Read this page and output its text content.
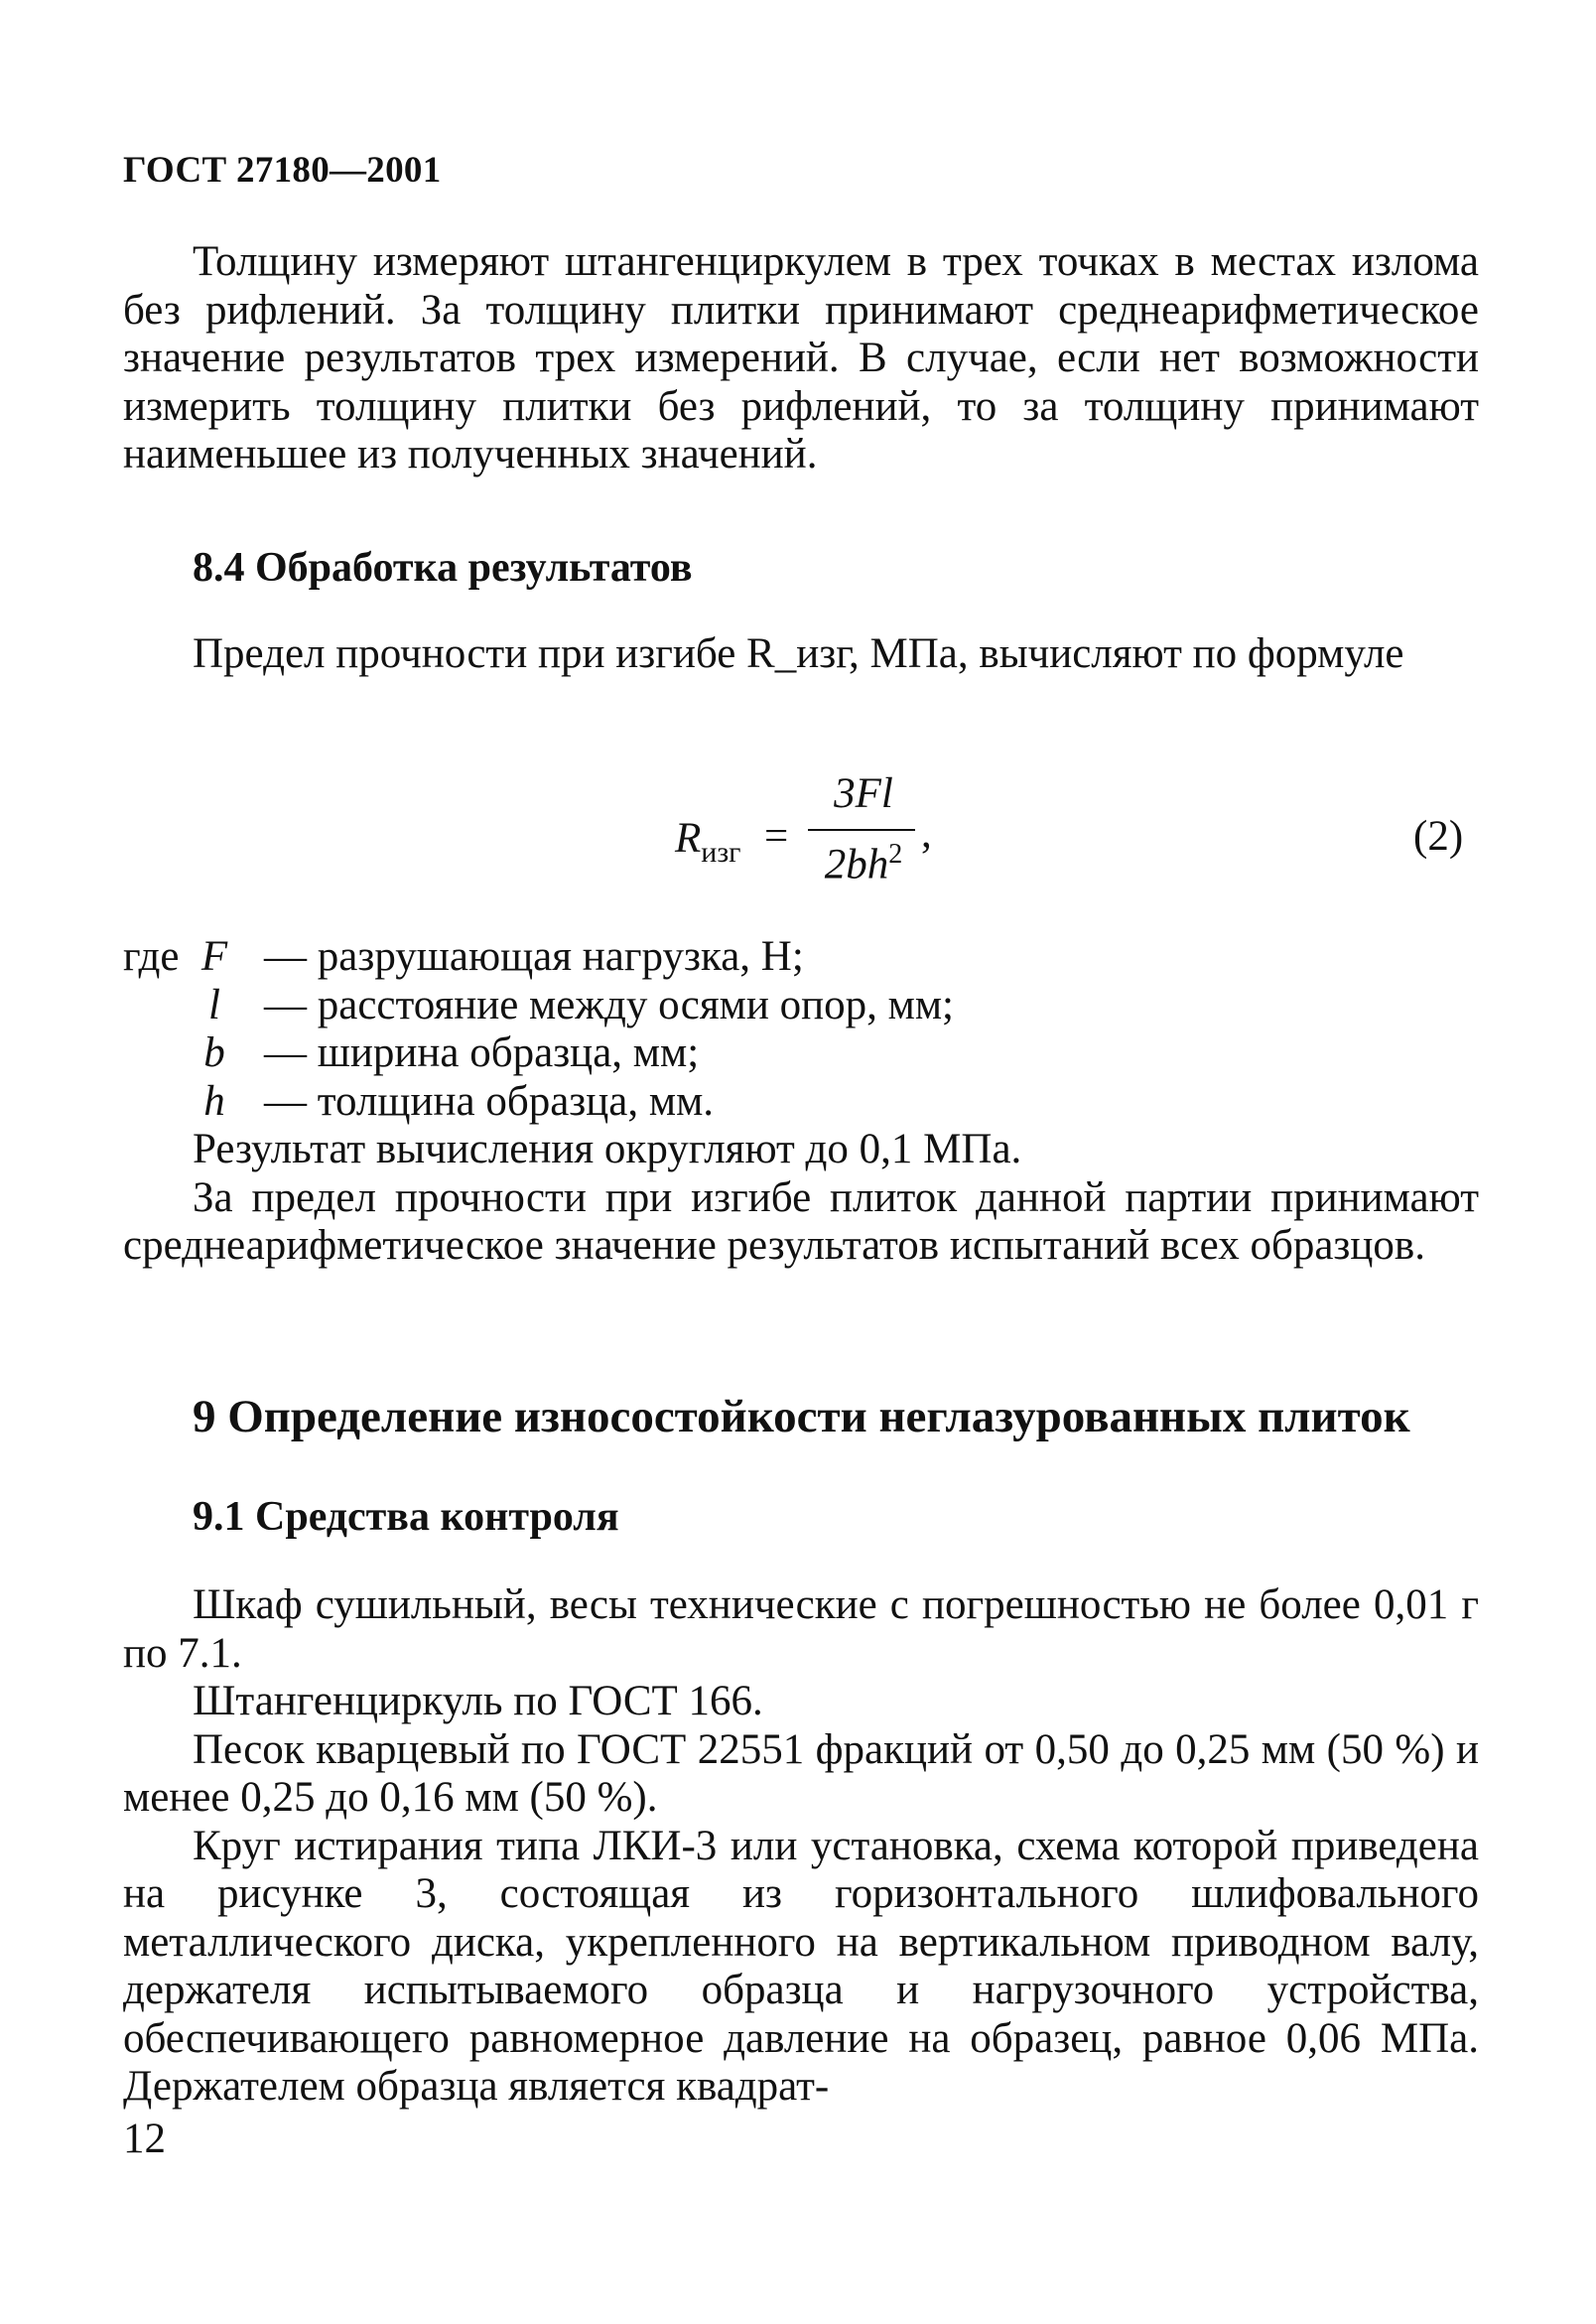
ГОСТ 27180—2001

Толщину измеряют штангенциркулем в трех точках в местах излома без рифлений. За толщину плитки принимают среднеарифметическое значение результатов трех измерений. В случае, если нет возможности измерить толщину плитки без рифлений, то за толщину принимают наименьшее из полученных значений.

8.4 Обработка результатов

Предел прочности при изгибе R_изг, МПа, вычисляют по формуле

$R_{изг}$ =
3Fl
$2bh^2$ ,	(2)
где F — разрушающая нагрузка, Н;
l	— расстояние между осями опор, мм;
b — ширина образца, мм;
h — толщина образца, мм.

Результат вычисления округляют до 0,1 МПа.

За предел прочности при изгибе плиток данной партии принимают среднеарифметическое значение результатов испытаний всех образцов.

9 Определение износостойкости неглазурованных плиток
9.1 Средства контроля

Шкаф сушильный, весы технические с погрешностью не более 0,01 г по 7.1.

Штангенциркуль по ГОСТ 166.

Песок кварцевый по ГОСТ 22551 фракций от 0,50 до 0,25 мм (50 %) и менее 0,25 до 0,16 мм (50 %).

Круг истирания типа ЛКИ-3 или установка, схема которой приведена на рисунке 3, состоящая из горизонтального шлифовального металлического диска, укрепленного на вертикальном приводном валу, держателя испытываемого образца и нагрузочного устройства, обеспечивающего равномерное давление на образец, равное 0,06 МПа. Держателем образца является квадрат-

12
